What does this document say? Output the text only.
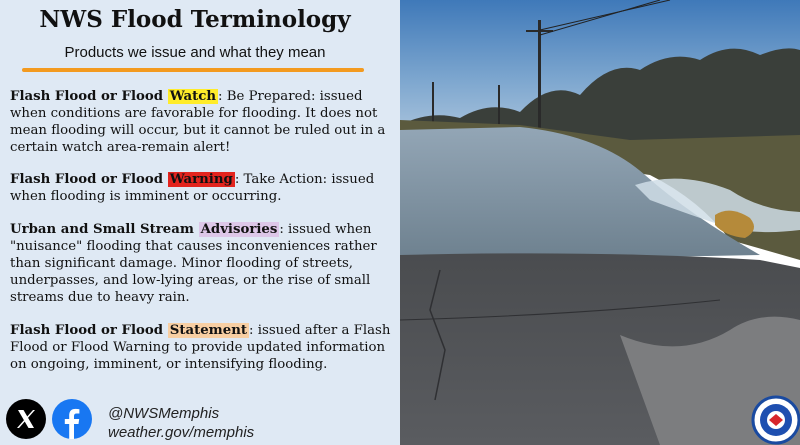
NWS Flood Terminology
Products we issue and what they mean
Flash Flood or Flood Watch : Be Prepared: issued when conditions are favorable for flooding. It does not mean flooding will occur, but it cannot be ruled out in a certain watch area-remain alert!
Flash Flood or Flood Warning : Take Action: issued when flooding is imminent or occurring.
Urban and Small Stream Advisories : issued when "nuisance" flooding that causes inconveniences rather than significant damage. Minor flooding of streets, underpasses, and low-lying areas, or the rise of small streams due to heavy rain.
Flash Flood or Flood Statement : issued after a Flash Flood or Flood Warning to provide updated information on ongoing, imminent, or intensifying flooding.
@NWSMemphis
weather.gov/memphis
